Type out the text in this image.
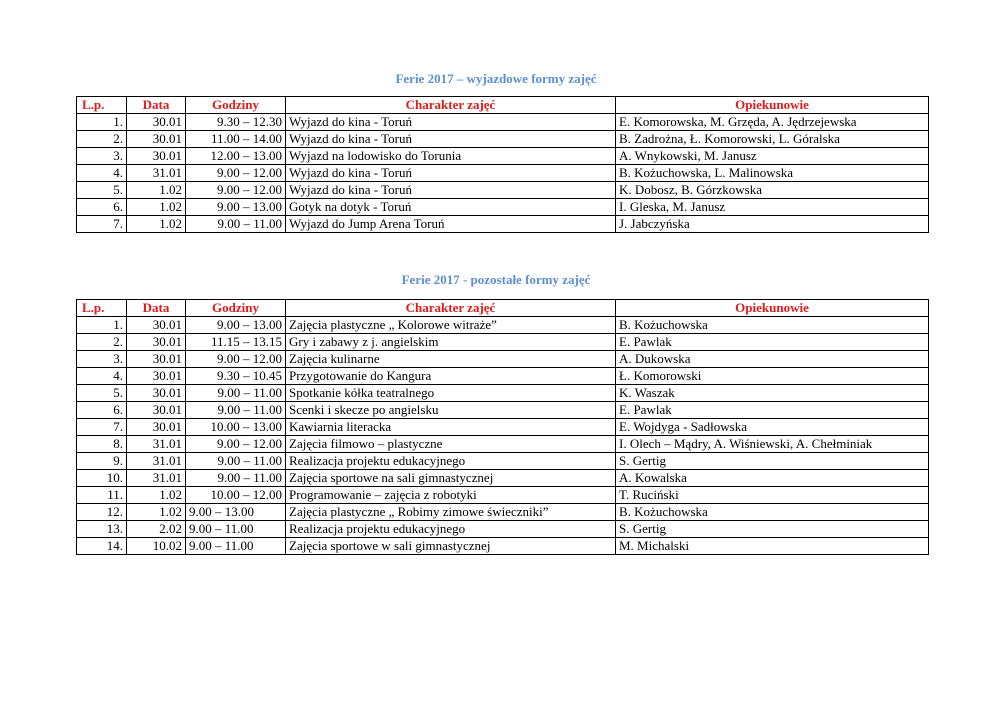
Ferie 2017 – wyjazdowe formy zajęć
L.p.	Data	Godziny	Charakter zajęć	Opiekunowie
1.	30.01	9.30 – 12.30	Wyjazd do kina - Toruń	E. Komorowska, M. Grzęda, A. Jędrzejewska
2.	30.01	11.00 – 14.00	Wyjazd do kina - Toruń	B. Zadrożna, Ł. Komorowski, L. Góralska
3.	30.01	12.00 – 13.00	Wyjazd na lodowisko do Torunia	A. Wnykowski, M. Janusz
4.	31.01	9.00 – 12.00	Wyjazd do kina - Toruń	B. Kożuchowska, L. Malinowska
5.	1.02	9.00 – 12.00	Wyjazd do kina - Toruń	K. Dobosz, B. Górzkowska
6.	1.02	9.00 – 13.00	Gotyk na dotyk - Toruń	I. Gleska, M. Janusz
7.	1.02	9.00 – 11.00	Wyjazd do Jump Arena Toruń	J. Jabczyńska
Ferie 2017 - pozostałe formy zajęć
L.p.	Data	Godziny	Charakter zajęć	Opiekunowie
1.	30.01	9.00 – 13.00	Zajęcia plastyczne „ Kolorowe witraże”	B. Kożuchowska
2.	30.01	11.15 – 13.15	Gry i zabawy z j. angielskim	E. Pawlak
3.	30.01	9.00 – 12.00	Zajęcia kulinarne	A. Dukowska
4.	30.01	9.30 – 10.45	Przygotowanie do Kangura	Ł. Komorowski
5.	30.01	9.00 – 11.00	Spotkanie kółka teatralnego	K. Waszak
6.	30.01	9.00 – 11.00	Scenki i skecze po angielsku	E. Pawlak
7.	30.01	10.00 – 13.00	Kawiarnia literacka	E. Wojdyga - Sadłowska
8.	31.01	9.00 – 12.00	Zajęcia filmowo – plastyczne	I. Olech – Mądry, A. Wiśniewski, A. Chełminiak
9.	31.01	9.00 – 11.00	Realizacja projektu edukacyjnego	S. Gertig
10.	31.01	9.00 – 11.00	Zajęcia sportowe na sali gimnastycznej	A. Kowalska
11.	1.02	10.00 – 12.00	Programowanie – zajęcia z robotyki	T. Ruciński
12.	1.02	9.00 – 13.00	Zajęcia plastyczne „ Robimy zimowe świeczniki”	B. Kożuchowska
13.	2.02	9.00 – 11.00	Realizacja projektu edukacyjnego	S. Gertig
14.	10.02	9.00 – 11.00	Zajęcia sportowe w sali gimnastycznej	M. Michalski
